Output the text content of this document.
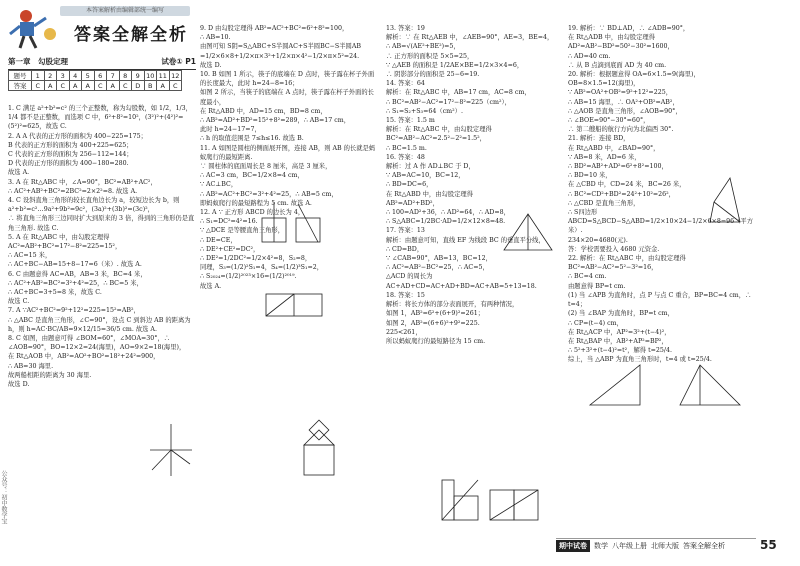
本答案解析由编辑部统一编写
答案全解全析
第一章　勾股定理	试卷① P1
题号	1	2	3	4	5	6	7	8	9	10	11	12
答案	C	A	C	A	A	C	A	C	D	B	A	C

1. C 满足 a²+b²=c² 的三个正整数，称为勾股数，如 1/2，1/3，1/4 都不是正整数，而选项 C 中，6²+8²=10²，(3²)²+(4²)²=(5²)²=625，故选 C.

2. A A 代表的正方形的面积为 400−225=175；

B 代表的正方形的面积为 400+225=625；

C 代表的正方形的面积为 256−112=144；

D 代表的正方形的面积为 400−180=280.

故选 A.

3. A 在 Rt△ABC 中，∠A=90°，BC²=AB²+AC²，

∴ AC²+AB²+BC²=2BC²=2×2²=8. 故选 A.

4. C 设斜直角三角形的较长直角边长为 a，较短边长为 b，则 a²+b²=c²…9a²+9b²=9c²，(3a)²+(3b)²=(3c)²，

∴ 将直角三角形三边同时扩大到原来的 3 倍，得到的三角形仍是直角三角形. 故选 C.

5. A 在 Rt△ABC 中，由勾股定理得

AC²=AB²+BC²=17²−8²=225=15²，

∴ AC=15 米，

∴ AC+BC−AB=15+8−17=6（米）. 故选 A.

6. C 由题意得 AC=AB，AB=3 米，BC=4 米，

∴ AC²+AB²=BC²=3²+4²=25，∴ BC=5 米，

∴ AC+BC=3+5=8 米，故选 C.

故选 C.

7. A ∵AC²+BC²=9²+12²=225=15²=AB²，

∴ △ABC 是直角三角形，∠C=90°，设点 C 到斜边 AB 的距离为 h，则 h=AC·BC/AB=9×12/15=36/5 cm. 故选 A.

8. C 如图，由题意可得 ∠BOM=60°，∠MOA=30°，∴ ∠AOB=90°，BO=12×2=24(海里)，AO=9×2=18(海里)，

在 Rt△AOB 中，AB²=AO²+BO²=18²+24²=900，

∴ AB=30 海里.

故两船相距的距离为 30 海里.

故选 D.

9. D 由勾股定理得 AB²=AC²+BC²=6²+8²=100，

∴ AB=10.

由图可知 S阴=S△ABC+S半圆AC+S半圆BC−S半圆AB

=1/2×6×8+1/2×π×3²+1/2×π×4²−1/2×π×5²=24.

故选 D.

10. B 如图 1 所示，筷子的底端在 D 点时，筷子露在杯子外面的长度最大，此时 h=24−8=16；

如图 2 所示，当筷子的底端在 A 点时，筷子露在杯子外面的长度最小，

在 Rt△ABD 中，AD=15 cm，BD=8 cm，

∴ AB²=AD²+BD²=15²+8²=289，∴ AB=17 cm，

此时 h=24−17=7，

∴ h 的取值范围是 7≤h≤16. 故选 B.

11. A 如图是圆柱的侧面展开图，连接 AB，则 AB 的长就是蚂蚁爬行的最短距离.

∵ 圆柱体的底面周长是 8 厘米，高是 3 厘米，

∴ AC=3 cm，BC=1/2×8=4 cm，

∵ AC⊥BC，

∴ AB²=AC²+BC²=3²+4²=25，∴ AB=5 cm，

即蚂蚁爬行的最短路程为 5 cm. 故选 A.

12. A ∵ 正方形 ABCD 的边长为 4，

∴ S₁=DC²=4²=16.

∵ △DCE 是等腰直角三角形，

∴ DE=CE，

∴ DE²+CE²=DC²，

∴ DE²=1/2DC²=1/2×4²=8，S₂=8，

同理，S₃=(1/2)²S₁=4，S₄=(1/2)³S₁=2，

∴ S₂₀₂₄=(1/2)²⁰²³×16=(1/2)²⁰¹⁹.

故选 A.

13. 答案：19

解析：∵ 在 Rt△AEB 中，∠AEB=90°，AE=3，BE=4，

∴ AB=√(AE²+BE²)=5，

∴ 正方形的面积是 5×5=25，

∵ △AEB 的面积是 1/2AE×BE=1/2×3×4=6，

∴ 阴影部分的面积是 25−6=19.

14. 答案：64

解析：在 Rt△ABC 中，AB=17 cm，AC=8 cm，

∴ BC²=AB²−AC²=17²−8²=225（cm²），

∴ S₁=S₂+S₃=64（cm²）.

15. 答案：1.5 m

解析：在 Rt△ABC 中，由勾股定理得

BC²=AB²−AC²=2.5²−2²=1.5²，

∴ BC=1.5 m.

16. 答案：48

解析：过 A 作 AD⊥BC 于 D，

∵ AB=AC=10，BC=12，

∴ BD=DC=6，

在 Rt△ABD 中，由勾股定理得

AB²=AD²+BD²，

∴ 100=AD²+36，∴ AD²=64，∴ AD=8，

∴ S△ABC=1/2BC·AD=1/2×12×8=48.

17. 答案：13

解析：由题意可知，直线 EF 为线段 BC 的垂直平分线，

∴ CD=BD，

∵ ∠CAB=90°，AB=13，BC=12，

∴ AC²=AB²−BC²=25，∴ AC=5，

△ACD 的周长为 AC+AD+CD=AC+AD+BD=AC+AB=5+13=18.

18. 答案：15

解析：将长方体的部分表面展开，有两种情况，

如图 1，AB²=6²+(6+9)²=261；

如图 2，AB²=(6+6)²+9²=225.

225<261，

所以蚂蚁爬行的最短路径为 15 cm.

19. 解析：∵ BD⊥AD，∴ ∠ADB=90°，

在 Rt△ADB 中，由勾股定理得

AD²=AB²−BD²=50²−30²=1600，

∴ AD=40 cm.

∴ 从 B 点滴到底面 AD 为 40 cm.

20. 解析：根据题意得 OA=6×1.5=9(海里)，

OB=8×1.5=12(海里)，

∵ AB²=OA²+OB²=9²+12²=225，

∴ AB=15 海里，∴ OA²+OB²=AB²，

∴ △AOB 是直角三角形，∠AOB=90°，

∴ ∠BOE=90°−30°=60°，

∴ 第二艘船的航行方向为北偏西 30°.

21. 解析：连接 BD，

在 Rt△ABD 中，∠BAD=90°，

∵ AB=8 米，AD=6 米，

∴ BD²=AB²+AD²=6²+8²=100，

∴ BD=10 米，

在 △CBD 中，CD=24 米，BC=26 米，

∴ BC²=CD²+BD²=24²+10²=26²，

∴ △CBD 是直角三角形，

∴ S四边形ABCD=S△BCD−S△ABD=1/2×10×24−1/2×6×8=96（平方米）.

234×20=4680(元).

答：学校需要投入 4680 元资金.

22. 解析：在 Rt△ABC 中，由勾股定理得

BC²=AB²−AC²=5²−3²=16，

∴ BC=4 cm.

由题意得 BP=t cm.

(1) 当 ∠APB 为直角时，点 P 与点 C 重合，BP=BC=4 cm，∴ t=4；

(2) 当 ∠BAP 为直角时，BP=t cm，

∴ CP=(t−4) cm，

在 Rt△ACP 中，AP²=3²+(t−4)²，

在 Rt△BAP 中，AB²+AP²=BP²，

∴ 5²+3²+(t−4)²=t²，解得 t=25/4.

综上，当 △ABP 为直角三角形时，t=4 或 t=25/4.

公众号：初中数学宝
期中试卷	数学 八年级上册 北师大版 答案全解全析	55
